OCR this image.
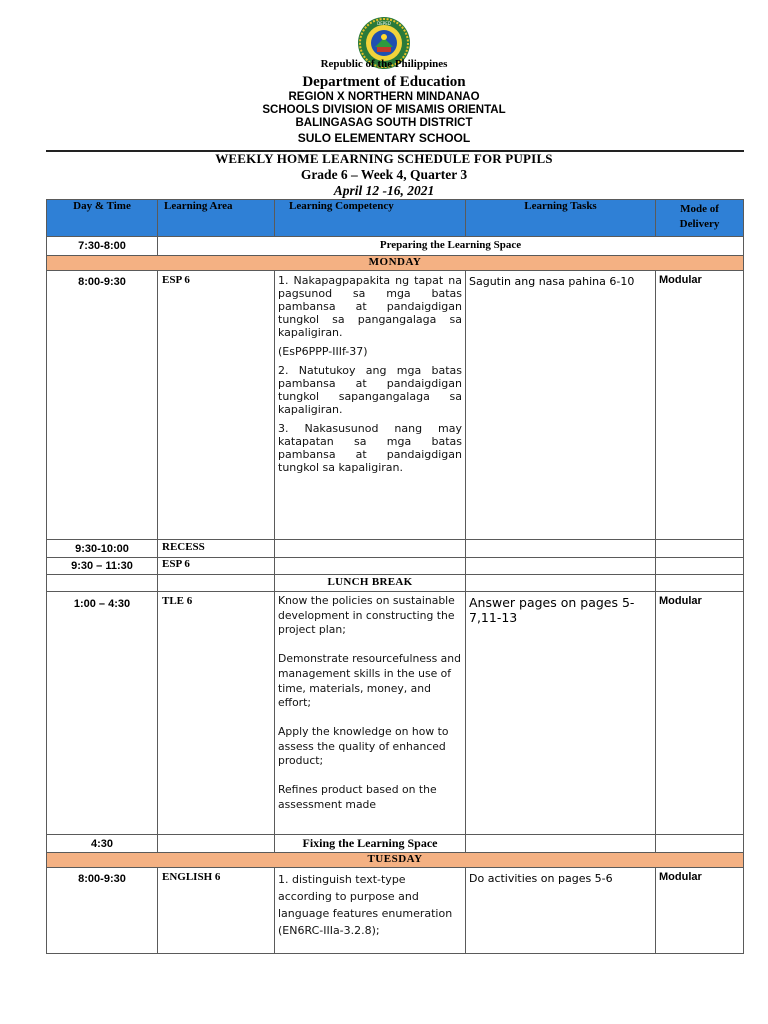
DEPED
Republic of the Philippines
Department of Education
REGION X NORTHERN MINDANAO
SCHOOLS DIVISION OF MISAMIS ORIENTAL
BALINGASAG SOUTH DISTRICT
SULO ELEMENTARY SCHOOL
WEEKLY HOME LEARNING SCHEDULE FOR PUPILS
Grade 6 – Week 4, Quarter 3
April 12 -16, 2021
Day & Time	Learning Area	Learning Competency	Learning Tasks	Mode of Delivery
7:30-8:00	Preparing the Learning Space			
MONDAY				
8:00-9:30	ESP 6	1. Nakapagpapakita ng tapat na pagsunod sa mga batas pambansa at pandaigdigan tungkol sa pangangalaga sa kapaligiran.

(EsP6PPP-IIIf-37)

2. Natutukoy ang mga batas pambansa at pandaigdigan tungkol sapangangalaga sa kapaligiran.

3. Nakasusunod nang may katapatan sa mga batas pambansa at pandaigdigan tungkol sa kapaligiran.	Sagutin ang nasa pahina 6-10	Modular
9:30-10:00	RECESS			
9:30 – 11:30	ESP 6			
		LUNCH BREAK		
1:00 – 4:30	TLE 6	Know the policies on sustainable development in constructing the project plan;

Demonstrate resourcefulness and management skills in the use of time, materials, money, and effort;

Apply the knowledge on how to assess the quality of enhanced product;

Refines product based on the assessment made	Answer pages on pages 5-7,11-13	Modular
4:30		Fixing the Learning Space		
TUESDAY				
8:00-9:30	ENGLISH 6	1. distinguish text-type according to purpose and language features enumeration (EN6RC-IIIa-3.2.8);	Do activities on pages 5-6	Modular
